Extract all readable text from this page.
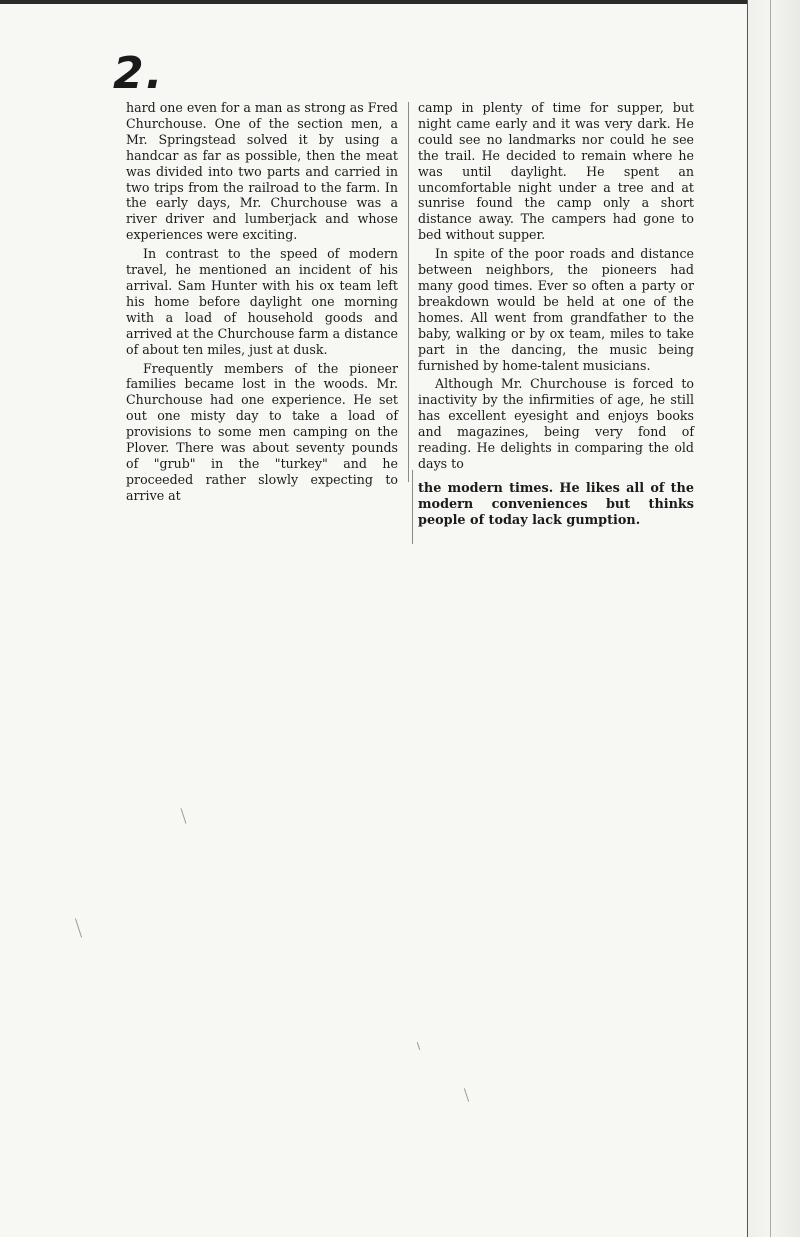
2.

hard one even for a man as strong as Fred Churchouse. One of the section men, a Mr. Springstead solved it by using a handcar as far as possible, then the meat was divided into two parts and carried in two trips from the railroad to the farm. In the early days, Mr. Churchouse was a river driver and lumberjack and whose experiences were exciting.

In contrast to the speed of modern travel, he mentioned an incident of his arrival. Sam Hunter with his ox team left his home before daylight one morning with a load of household goods and arrived at the Churchouse farm a distance of about ten miles, just at dusk.

Frequently members of the pioneer families became lost in the woods. Mr. Churchouse had one experience. He set out one misty day to take a load of provisions to some men camping on the Plover. There was about seventy pounds of "grub" in the "turkey" and he proceeded rather slowly expecting to arrive at

camp in plenty of time for supper, but night came early and it was very dark. He could see no landmarks nor could he see the trail. He decided to remain where he was until daylight. He spent an uncomfortable night under a tree and at sunrise found the camp only a short distance away. The campers had gone to bed without supper.

In spite of the poor roads and distance between neighbors, the pioneers had many good times. Ever so often a party or breakdown would be held at one of the homes. All went from grandfather to the baby, walking or by ox team, miles to take part in the dancing, the music being furnished by home-talent musicians.

Although Mr. Churchouse is forced to inactivity by the infirmities of age, he still has excellent eyesight and enjoys books and magazines, being very fond of reading. He delights in comparing the old days to

the modern times. He likes all of the modern conveniences but thinks people of today lack gumption.
